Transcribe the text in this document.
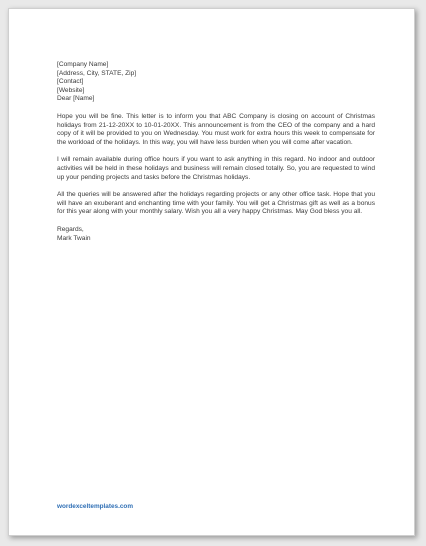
[Company Name]
[Address, City, STATE, Zip]
[Contact]
[Website]

Dear [Name]

Hope you will be fine. This letter is to inform you that ABC Company is closing on account of Christmas holidays from 21-12-20XX to 10-01-20XX. This announcement is from the CEO of the company and a hard copy of it will be provided to you on Wednesday. You must work for extra hours this week to compensate for the workload of the holidays. In this way, you will have less burden when you will come after vacation.

I will remain available during office hours if you want to ask anything in this regard. No indoor and outdoor activities will be held in these holidays and business will remain closed totally. So, you are requested to wind up your pending projects and tasks before the Christmas holidays.

All the queries will be answered after the holidays regarding projects or any other office task. Hope that you will have an exuberant and enchanting time with your family. You will get a Christmas gift as well as a bonus for this year along with your monthly salary. Wish you all a very happy Christmas. May God bless you all.

Regards,
Mark Twain

wordexceltemplates.com
